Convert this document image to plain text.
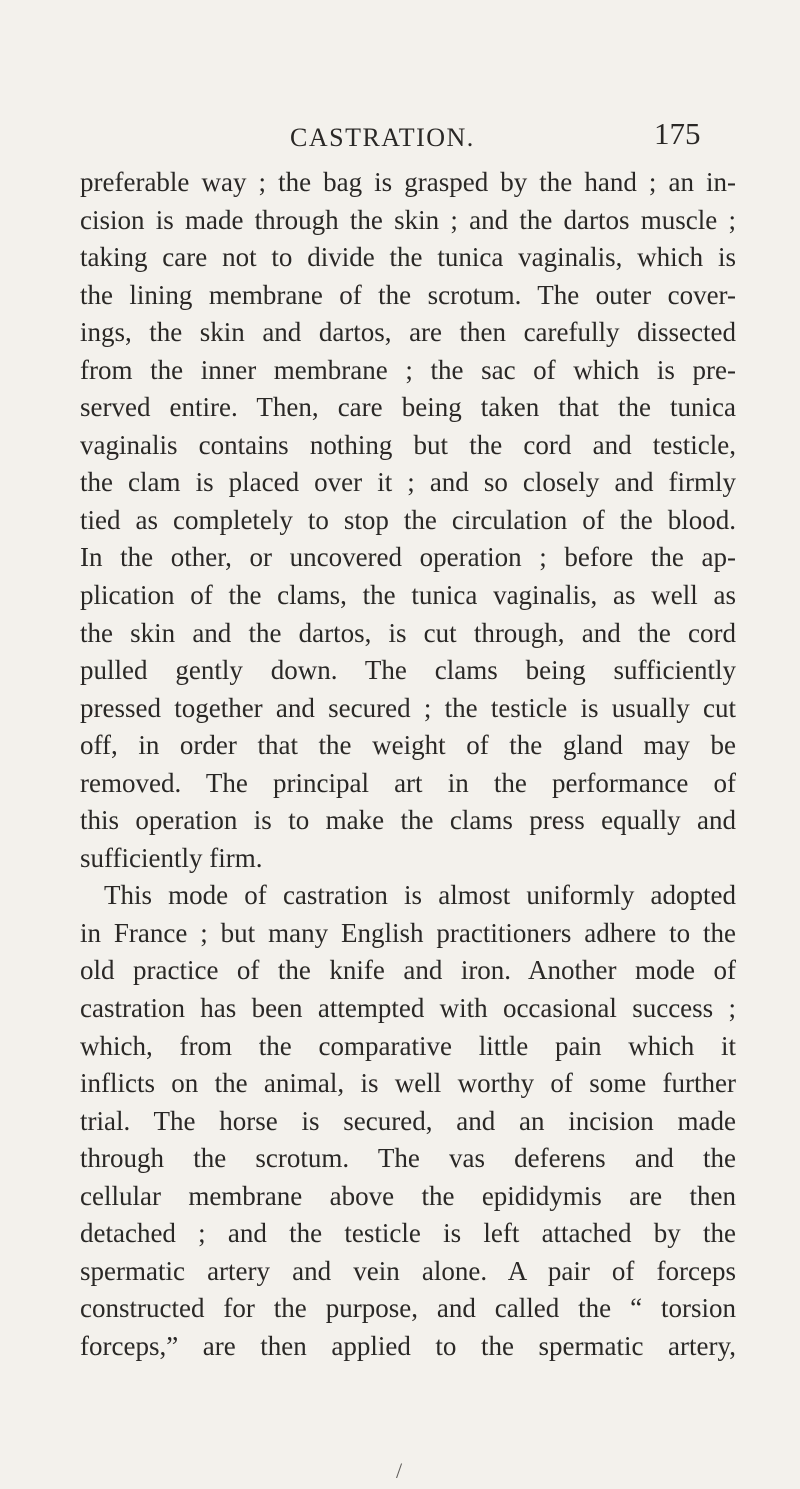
CASTRATION.	175
preferable way ; the bag is grasped by the hand ; an in-
cision is made through the skin ; and the dartos muscle ;
taking care not to divide the tunica vaginalis, which is
the lining membrane of the scrotum. The outer cover-
ings, the skin and dartos, are then carefully dissected
from the inner membrane ; the sac of which is pre-
served entire. Then, care being taken that the tunica
vaginalis contains nothing but the cord and testicle,
the clam is placed over it ; and so closely and firmly
tied as completely to stop the circulation of the blood.
In the other, or uncovered operation ; before the ap-
plication of the clams, the tunica vaginalis, as well as
the skin and the dartos, is cut through, and the cord
pulled gently down. The clams being sufficiently
pressed together and secured ; the testicle is usually cut
off, in order that the weight of the gland may be
removed. The principal art in the performance of
this operation is to make the clams press equally and
sufficiently firm.
This mode of castration is almost uniformly adopted
in France ; but many English practitioners adhere to the
old practice of the knife and iron. Another mode of
castration has been attempted with occasional success ;
which, from the comparative little pain which it
inflicts on the animal, is well worthy of some further
trial. The horse is secured, and an incision made
through the scrotum. The vas deferens and the
cellular membrane above the epididymis are then
detached ; and the testicle is left attached by the
spermatic artery and vein alone. A pair of forceps
constructed for the purpose, and called the “ torsion
forceps,” are then applied to the spermatic artery,
/
